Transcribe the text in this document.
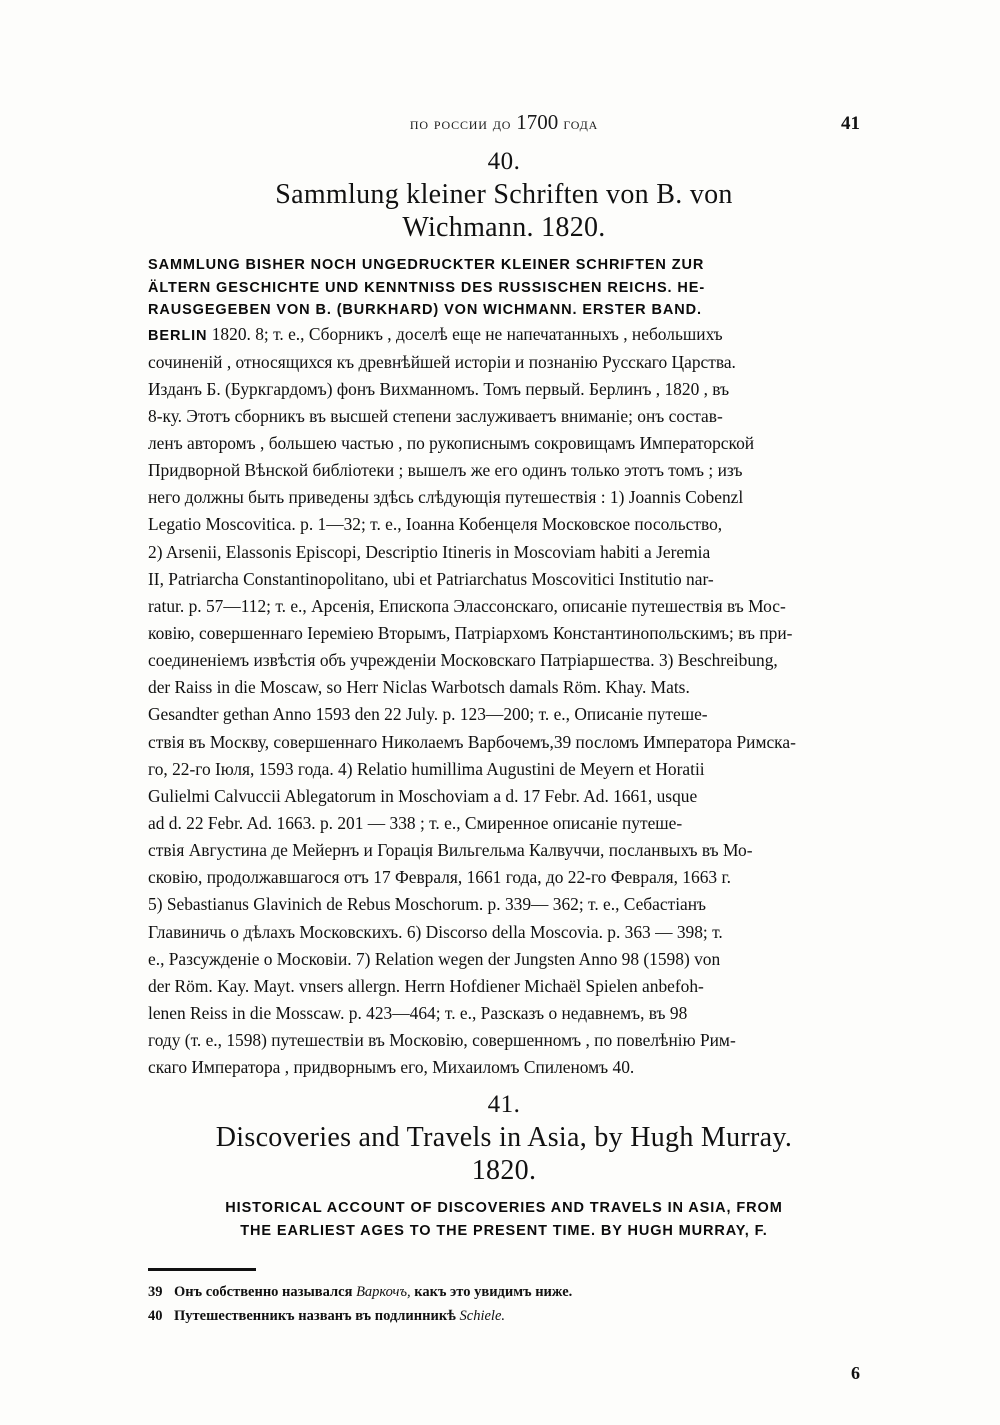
по россии до 1700 года	41
40.
Sammlung kleiner Schriften von B. von
Wichmann. 1820.
SAMMLUNG BISHER NOCH UNGEDRUCKTER KLEINER SCHRIFTEN ZUR
ÄLTERN GESCHICHTE UND KENNTNISS DES RUSSISCHEN REICHS. HE-
RAUSGEGEBEN VON B. (BURKHARD) VON WICHMANN. ERSTER BAND.
BERLIN 1820. 8; т. е., Сборникъ , доселѣ еще не напечатанныхъ , небольшихъ
сочиненій , относящихся къ древнѣйшей исторіи и познанію Русскаго Царства.
Изданъ Б. (Буркгардомъ) фонъ Вихманномъ. Томъ первый. Берлинъ , 1820 , въ
8-ку. Этотъ сборникъ въ высшей степени заслуживаетъ вниманіе; онъ состав-
ленъ авторомъ , большею частью , по рукописнымъ сокровищамъ Императорской
Придворной Вѣнской библіотеки ; вышелъ же его одинъ только этотъ томъ ; изъ
него должны быть приведены здѣсь слѣдующія путешествія : 1) Joannis Cobenzl
Legatio Moscovitica. p. 1—32; т. е., Іоанна Кобенцеля Московское посольство,
2) Arsenii, Elassonis Episcopi, Descriptio Itineris in Moscoviam habiti a Jeremia
II, Patriarcha Constantinopolitano, ubi et Patriarchatus Moscovitici Institutio nar-
ratur. p. 57—112; т. е., Арсенія, Епископа Элассонскаго, описаніе путешествія въ Мос-
ковію, совершеннаго Іереміею Вторымъ, Патріархомъ Константинопольскимъ; въ при-
соединеніемъ извѣстія объ учрежденіи Московскаго Патріаршества. 3) Beschreibung,
der Raiss in die Moscaw, so Herr Niclas Warbotsch damals Röm. Khay. Mats.
Gesandter gethan Anno 1593 den 22 July. p. 123—200; т. е., Описаніе путеше-
ствія въ Москву, совершеннаго Николаемъ Варбочемъ,39 посломъ Императора Римска-
го, 22-го Іюля, 1593 года. 4) Relatio humillima Augustini de Meyern et Horatii
Gulielmi Calvuccii Ablegatorum in Moschoviam a d. 17 Febr. Ad. 1661, usque
ad d. 22 Febr. Ad. 1663. p. 201 — 338 ; т. е., Смиренное описаніе путеше-
ствія Августина де Мейернъ и Горація Вильгельма Калвуччи, посланвыхъ въ Мо-
сковію, продолжавшагося отъ 17 Февраля, 1661 года, до 22-го Февраля, 1663 г.
5) Sebastianus Glavinich de Rebus Moschorum. p. 339— 362; т. е., Себастіанъ
Главиничь о дѣлахъ Московскихъ. 6) Discorso della Moscovia. p. 363 — 398; т.
е., Разсужденіе о Московіи. 7) Relation wegen der Jungsten Anno 98 (1598) von
der Röm. Kay. Mayt. vnsers allergn. Herrn Hofdiener Michaël Spielen anbefoh-
lenen Reiss in die Mosscaw. p. 423—464; т. е., Разсказъ о недавнемъ, въ 98
году (т. е., 1598) путешествіи въ Московію, совершенномъ , по повелѣнію Рим-
скаго Императора , придворнымъ его, Михаиломъ Спиленомъ 40.
41.
Discoveries and Travels in Asia, by Hugh Murray.
1820.
HISTORICAL ACCOUNT OF DISCOVERIES AND TRAVELS IN ASIA, FROM
THE EARLIEST AGES TO THE PRESENT TIME. BY HUGH MURRAY, F.
39 Онъ собственно назывался Варкочъ, какъ это увидимъ ниже.
40 Путешественникъ названъ въ подлинникѣ Schiele.
6
